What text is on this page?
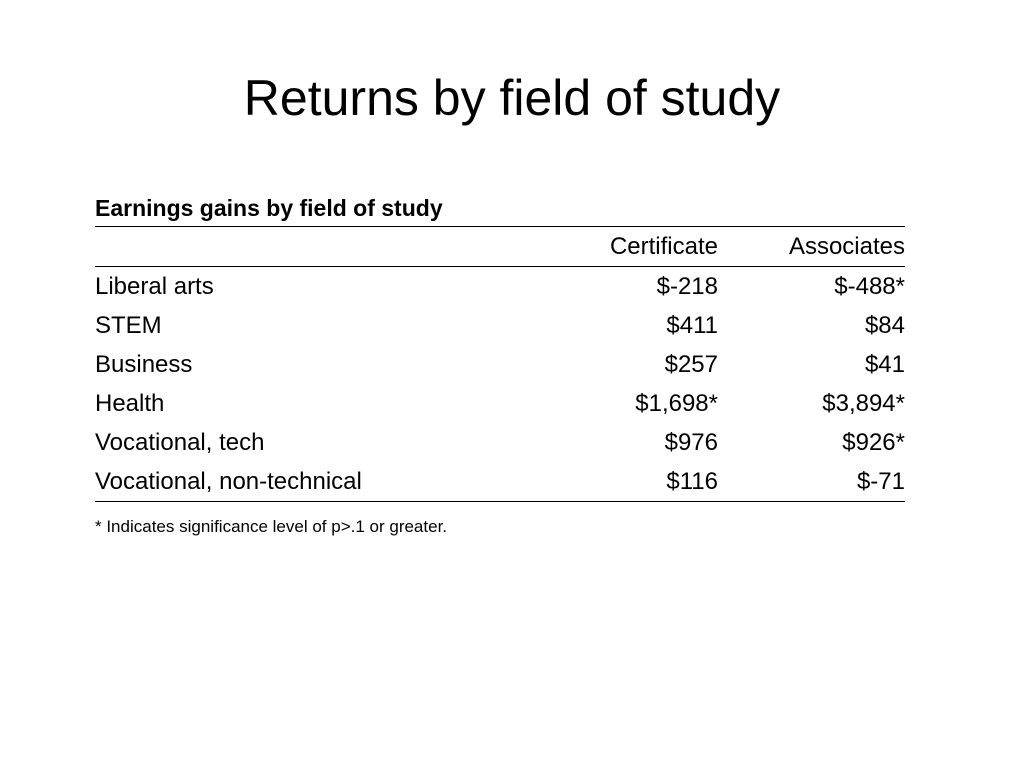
Returns by field of study
Earnings gains by field of study
	Certificate	Associates
Liberal arts	$-218	$-488*
STEM	$411	$84
Business	$257	$41
Health	$1,698*	$3,894*
Vocational, tech	$976	$926*
Vocational, non-technical	$116	$-71
* Indicates significance level of p>.1 or greater.
